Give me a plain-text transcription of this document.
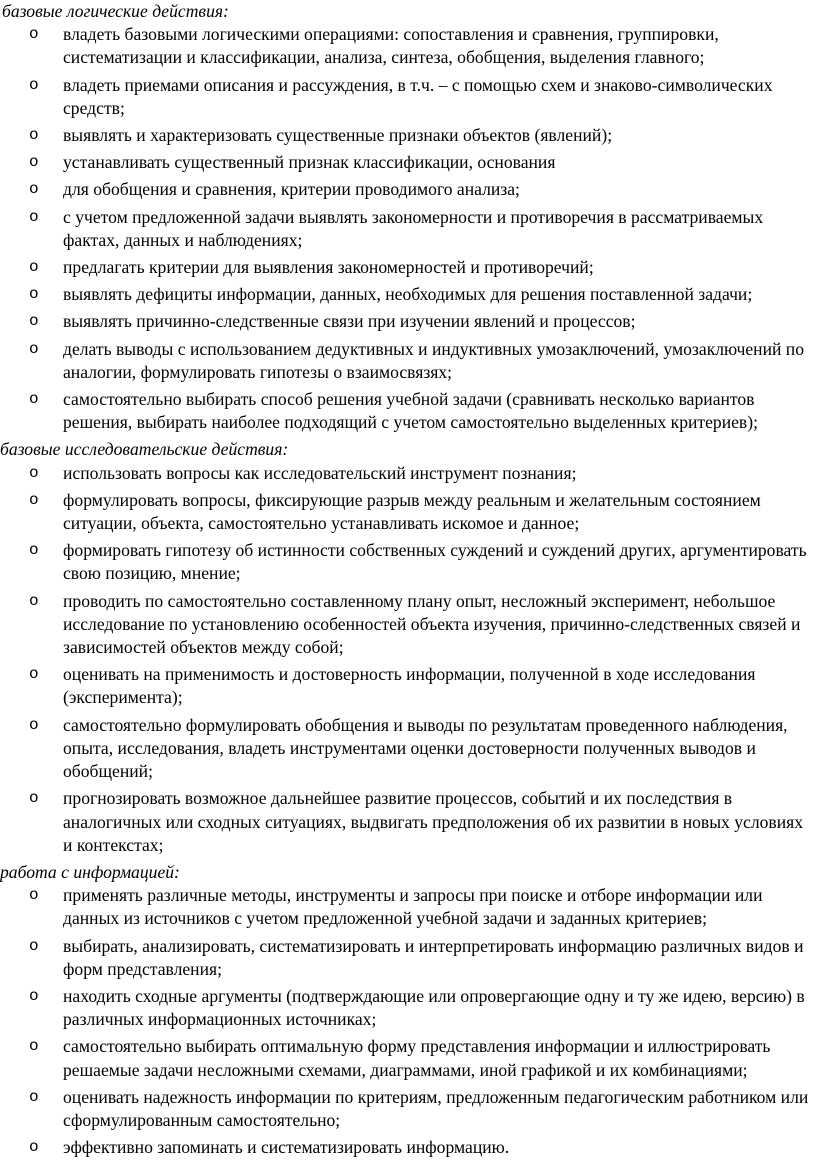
базовые логические действия:

o владеть базовыми логическими операциями: сопоставления и сравнения, группировки, систематизации и классификации, анализа, синтеза, обобщения, выделения главного;
o владеть приемами описания и рассуждения, в т.ч. – с помощью схем и знаково-символических средств;
o выявлять и характеризовать существенные признаки объектов (явлений);
o устанавливать существенный признак классификации, основания
o для обобщения и сравнения, критерии проводимого анализа;
o с учетом предложенной задачи выявлять закономерности и противоречия в рассматриваемых фактах, данных и наблюдениях;
o предлагать критерии для выявления закономерностей и противоречий;
o выявлять дефициты информации, данных, необходимых для решения поставленной задачи;
o выявлять причинно-следственные связи при изучении явлений и процессов;
o делать выводы с использованием дедуктивных и индуктивных умозаключений, умозаключений по аналогии, формулировать гипотезы о взаимосвязях;
o самостоятельно выбирать способ решения учебной задачи (сравнивать несколько вариантов решения, выбирать наиболее подходящий с учетом самостоятельно выделенных критериев);

базовые исследовательские действия:

o использовать вопросы как исследовательский инструмент познания;
o формулировать вопросы, фиксирующие разрыв между реальным и желательным состоянием ситуации, объекта, самостоятельно устанавливать искомое и данное;
o формировать гипотезу об истинности собственных суждений и суждений других, аргументировать свою позицию, мнение;
o проводить по самостоятельно составленному плану опыт, несложный эксперимент, небольшое исследование по установлению особенностей объекта изучения, причинно-следственных связей и зависимостей объектов между собой;
o оценивать на применимость и достоверность информации, полученной в ходе исследования (эксперимента);
o самостоятельно формулировать обобщения и выводы по результатам проведенного наблюдения, опыта, исследования, владеть инструментами оценки достоверности полученных выводов и обобщений;
o прогнозировать возможное дальнейшее развитие процессов, событий и их последствия в аналогичных или сходных ситуациях, выдвигать предположения об их развитии в новых условиях и контекстах;

работа с информацией:

o применять различные методы, инструменты и запросы при поиске и отборе информации или данных из источников с учетом предложенной учебной задачи и заданных критериев;
o выбирать, анализировать, систематизировать и интерпретировать информацию различных видов и форм представления;
o находить сходные аргументы (подтверждающие или опровергающие одну и ту же идею, версию) в различных информационных источниках;
o самостоятельно выбирать оптимальную форму представления информации и иллюстрировать решаемые задачи несложными схемами, диаграммами, иной графикой и их комбинациями;
o оценивать надежность информации по критериям, предложенным педагогическим работником или сформулированным самостоятельно;
o эффективно запоминать и систематизировать информацию.
